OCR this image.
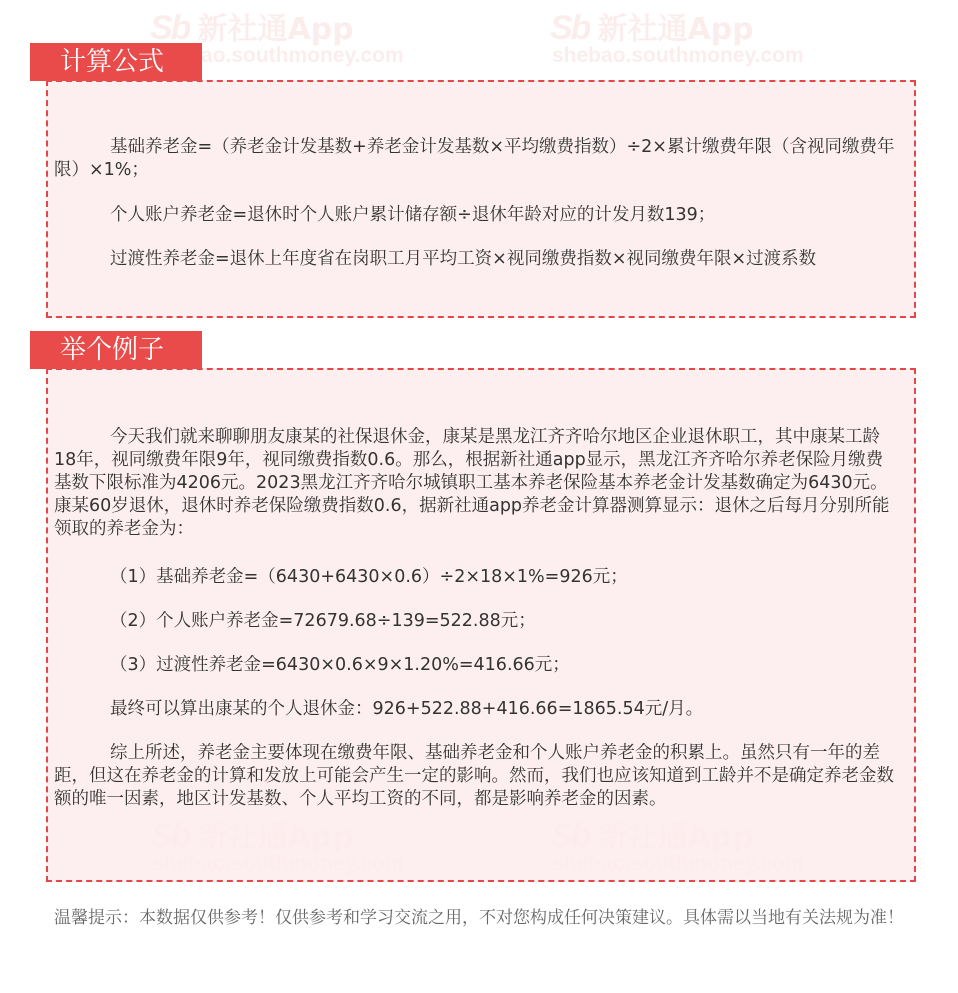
Sb 新社通App
shebao.southmoney.com
Sb 新社通App
shebao.southmoney.com
计算公式

基础养老金=（养老金计发基数+养老金计发基数×平均缴费指数）÷2×累计缴费年限（含视同缴费年限）×1%；

个人账户养老金=退休时个人账户累计储存额÷退休年龄对应的计发月数139；

过渡性养老金=退休上年度省在岗职工月平均工资×视同缴费指数×视同缴费年限×过渡系数

举个例子

今天我们就来聊聊朋友康某的社保退休金，康某是黑龙江齐齐哈尔地区企业退休职工，其中康某工龄18年，视同缴费年限9年，视同缴费指数0.6。那么，根据新社通app显示，黑龙江齐齐哈尔养老保险月缴费基数下限标准为4206元。2023黑龙江齐齐哈尔城镇职工基本养老保险基本养老金计发基数确定为6430元。康某60岁退休，退休时养老保险缴费指数0.6，据新社通app养老金计算器测算显示：退休之后每月分别所能领取的养老金为：

（1）基础养老金=（6430+6430×0.6）÷2×18×1%=926元；

（2）个人账户养老金=72679.68÷139=522.88元；

（3）过渡性养老金=6430×0.6×9×1.20%=416.66元；

最终可以算出康某的个人退休金：926+522.88+416.66=1865.54元/月。

综上所述，养老金主要体现在缴费年限、基础养老金和个人账户养老金的积累上。虽然只有一年的差距，但这在养老金的计算和发放上可能会产生一定的影响。然而，我们也应该知道到工龄并不是确定养老金数额的唯一因素，地区计发基数、个人平均工资的不同，都是影响养老金的因素。

温馨提示：本数据仅供参考！仅供参考和学习交流之用，不对您构成任何决策建议。具体需以当地有关法规为准！
